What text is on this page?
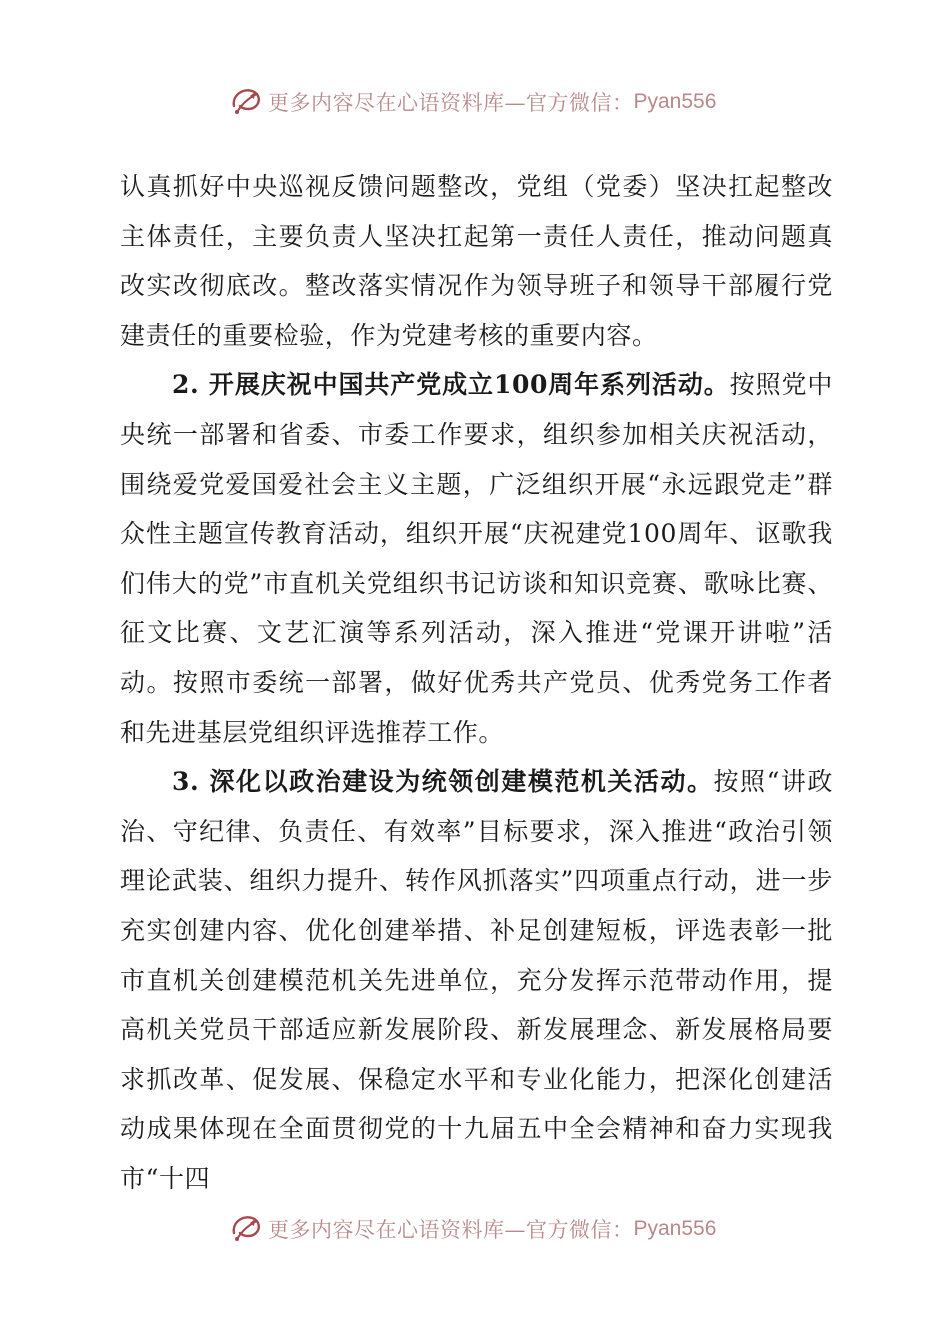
更多内容尽在心语资料库—官方微信： Pyan556

认真抓好中央巡视反馈问题整改，党组（党委）坚决扛起整改主体责任，主要负责人坚决扛起第一责任人责任，推动问题真改实改彻底改。整改落实情况作为领导班子和领导干部履行党建责任的重要检验，作为党建考核的重要内容。

2. 开展庆祝中国共产党成立100周年系列活动。按照党中央统一部署和省委、市委工作要求，组织参加相关庆祝活动，围绕爱党爱国爱社会主义主题，广泛组织开展“永远跟党走”群众性主题宣传教育活动，组织开展“庆祝建党100周年、讴歌我们伟大的党”市直机关党组织书记访谈和知识竞赛、歌咏比赛、征文比赛、文艺汇演等系列活动，深入推进“党课开讲啦”活动。按照市委统一部署，做好优秀共产党员、优秀党务工作者和先进基层党组织评选推荐工作。

3. 深化以政治建设为统领创建模范机关活动。按照“讲政治、守纪律、负责任、有效率”目标要求，深入推进“政治引领理论武装、组织力提升、转作风抓落实”四项重点行动，进一步充实创建内容、优化创建举措、补足创建短板，评选表彰一批市直机关创建模范机关先进单位，充分发挥示范带动作用，提高机关党员干部适应新发展阶段、新发展理念、新发展格局要求抓改革、促发展、保稳定水平和专业化能力，把深化创建活动成果体现在全面贯彻党的十九届五中全会精神和奋力实现我市“十四

更多内容尽在心语资料库—官方微信： Pyan556
